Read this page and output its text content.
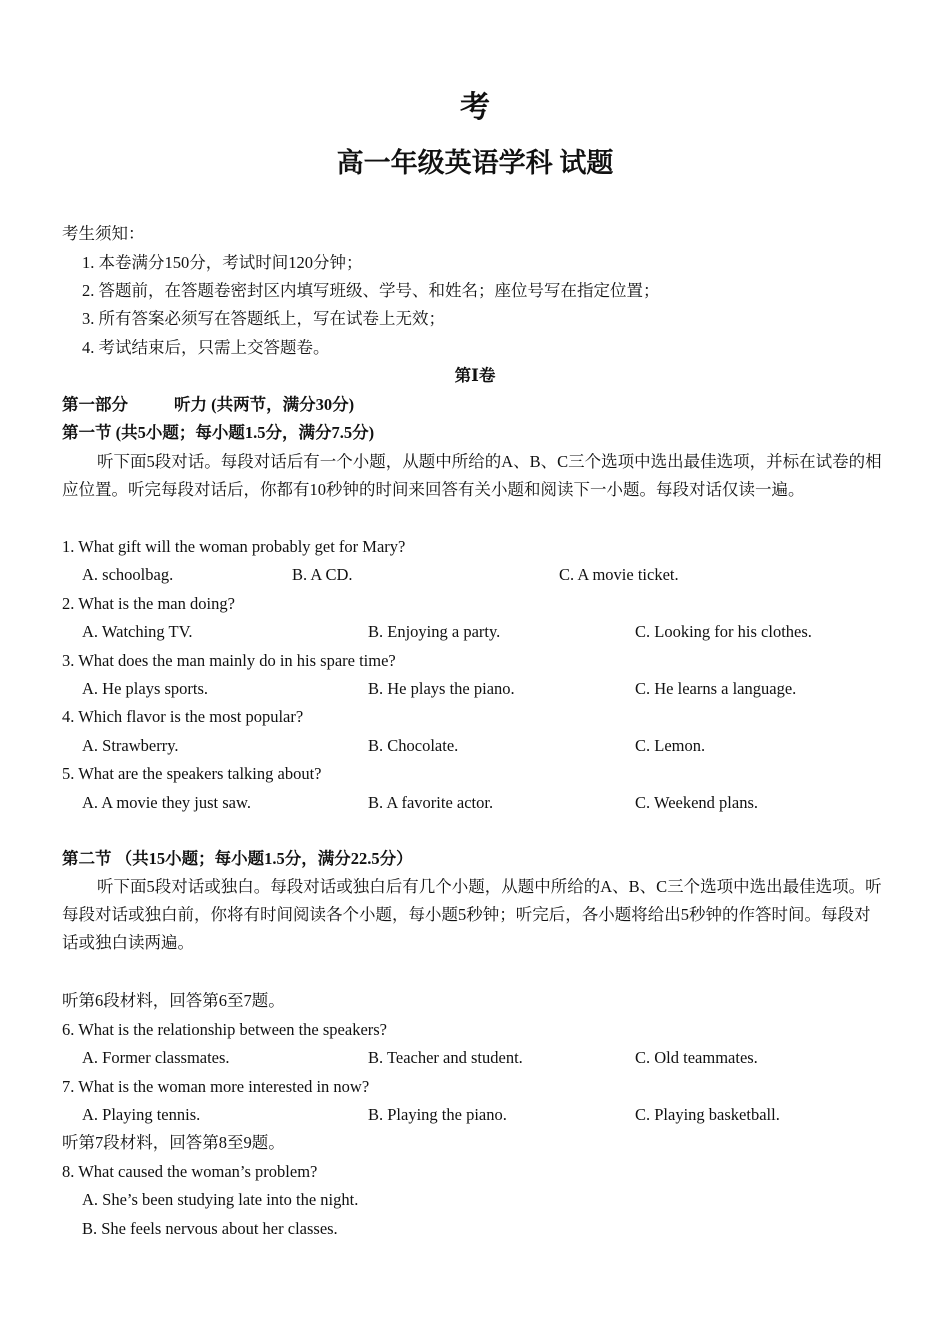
考
高一年级英语学科 试题
考生须知：
1. 本卷满分150分，考试时间120分钟；
2. 答题前，在答题卷密封区内填写班级、学号、和姓名；座位号写在指定位置；
3. 所有答案必须写在答题纸上，写在试卷上无效；
4. 考试结束后，只需上交答题卷。
第Ⅰ卷
第一部分	听力 (共两节，满分30分)
第一节 (共5小题；每小题1.5分，满分7.5分)
听下面5段对话。每段对话后有一个小题，从题中所给的A、B、C三个选项中选出最佳选项，并标在试卷的相应位置。听完每段对话后，你都有10秒钟的时间来回答有关小题和阅读下一小题。每段对话仅读一遍。
1. What gift will the woman probably get for Mary?
A. schoolbag.	B. A CD.	C. A movie ticket.
2. What is the man doing?
A. Watching TV.	B. Enjoying a party.	C. Looking for his clothes.
3. What does the man mainly do in his spare time?
A. He plays sports.	B. He plays the piano.	C. He learns a language.
4. Which flavor is the most popular?
A. Strawberry.	B. Chocolate.	C. Lemon.
5. What are the speakers talking about?
A. A movie they just saw.	B. A favorite actor.	C. Weekend plans.
第二节 （共15小题；每小题1.5分，满分22.5分）
听下面5段对话或独白。每段对话或独白后有几个小题，从题中所给的A、B、C三个选项中选出最佳选项。听每段对话或独白前，你将有时间阅读各个小题，每小题5秒钟；听完后，各小题将给出5秒钟的作答时间。每段对话或独白读两遍。
听第6段材料，回答第6至7题。
6. What is the relationship between the speakers?
A. Former classmates.	B. Teacher and student.	C. Old teammates.
7. What is the woman more interested in now?
A. Playing tennis.	B. Playing the piano.	C. Playing basketball.
听第7段材料，回答第8至9题。
8. What caused the woman’s problem?
A. She’s been studying late into the night.
B. She feels nervous about her classes.
